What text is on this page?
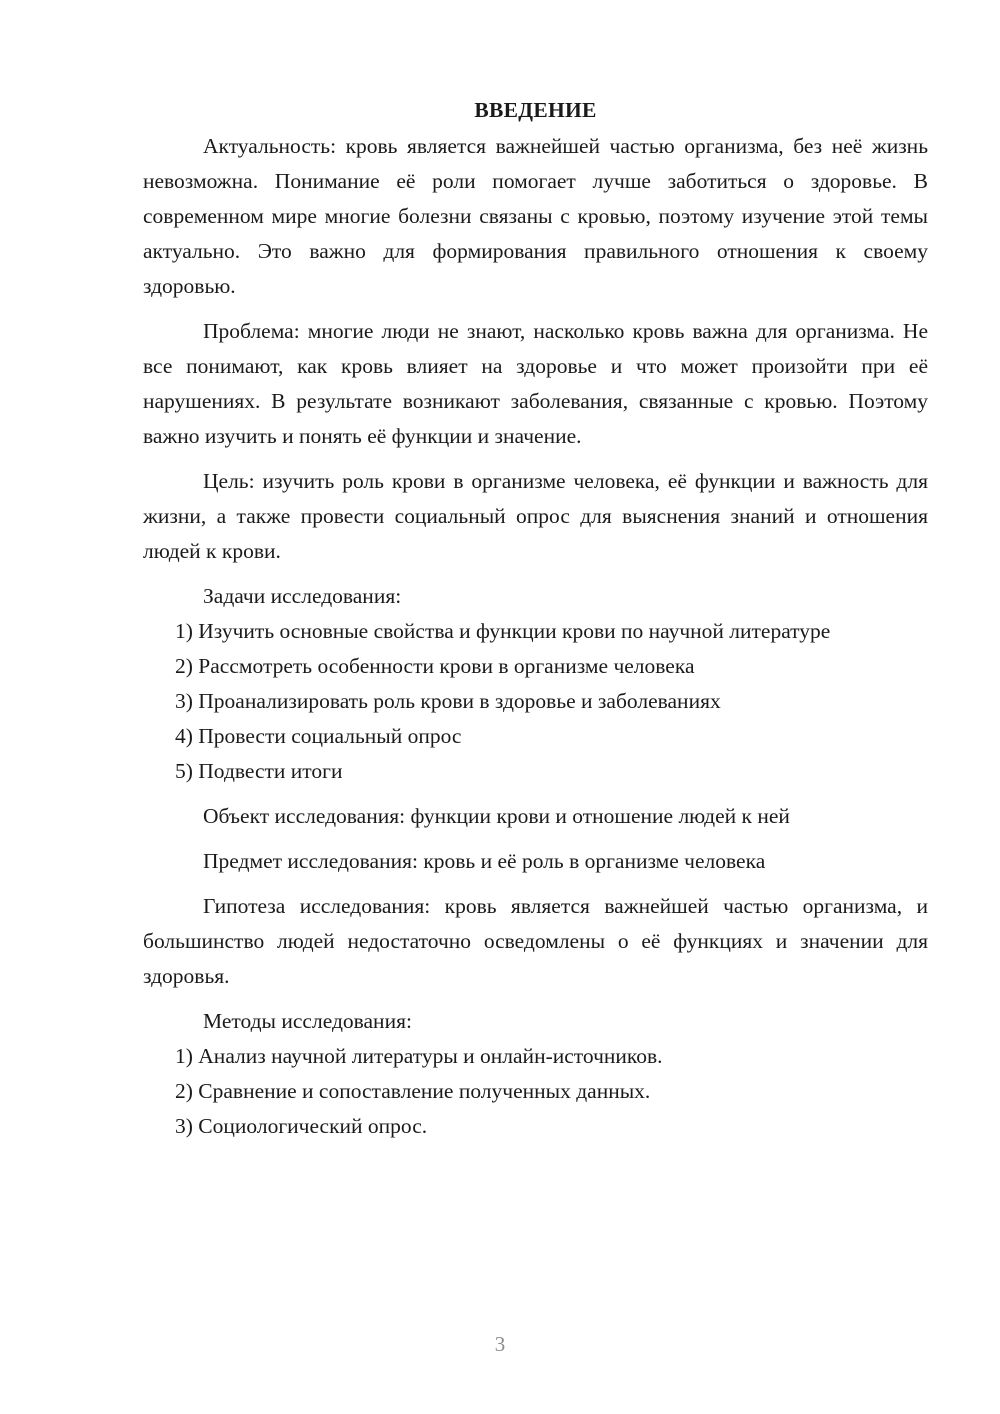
ВВЕДЕНИЕ

Актуальность: кровь является важнейшей частью организма, без неё жизнь невозможна. Понимание её роли помогает лучше заботиться о здоровье. В современном мире многие болезни связаны с кровью, поэтому изучение этой темы актуально. Это важно для формирования правильного отношения к своему здоровью.

Проблема: многие люди не знают, насколько кровь важна для организма. Не все понимают, как кровь влияет на здоровье и что может произойти при её нарушениях. В результате возникают заболевания, связанные с кровью. Поэтому важно изучить и понять её функции и значение.

Цель: изучить роль крови в организме человека, её функции и важность для жизни, а также провести социальный опрос для выяснения знаний и отношения людей к крови.

Задачи исследования:

1) Изучить основные свойства и функции крови по научной литературе

2) Рассмотреть особенности крови в организме человека

3) Проанализировать роль крови в здоровье и заболеваниях

4) Провести социальный опрос

5) Подвести итоги

Объект исследования: функции крови и отношение людей к ней

Предмет исследования: кровь и её роль в организме человека

Гипотеза исследования: кровь является важнейшей частью организма, и большинство людей недостаточно осведомлены о её функциях и значении для здоровья.

Методы исследования:

1) Анализ научной литературы и онлайн-источников.

2) Сравнение и сопоставление полученных данных.

3) Социологический опрос.

3
